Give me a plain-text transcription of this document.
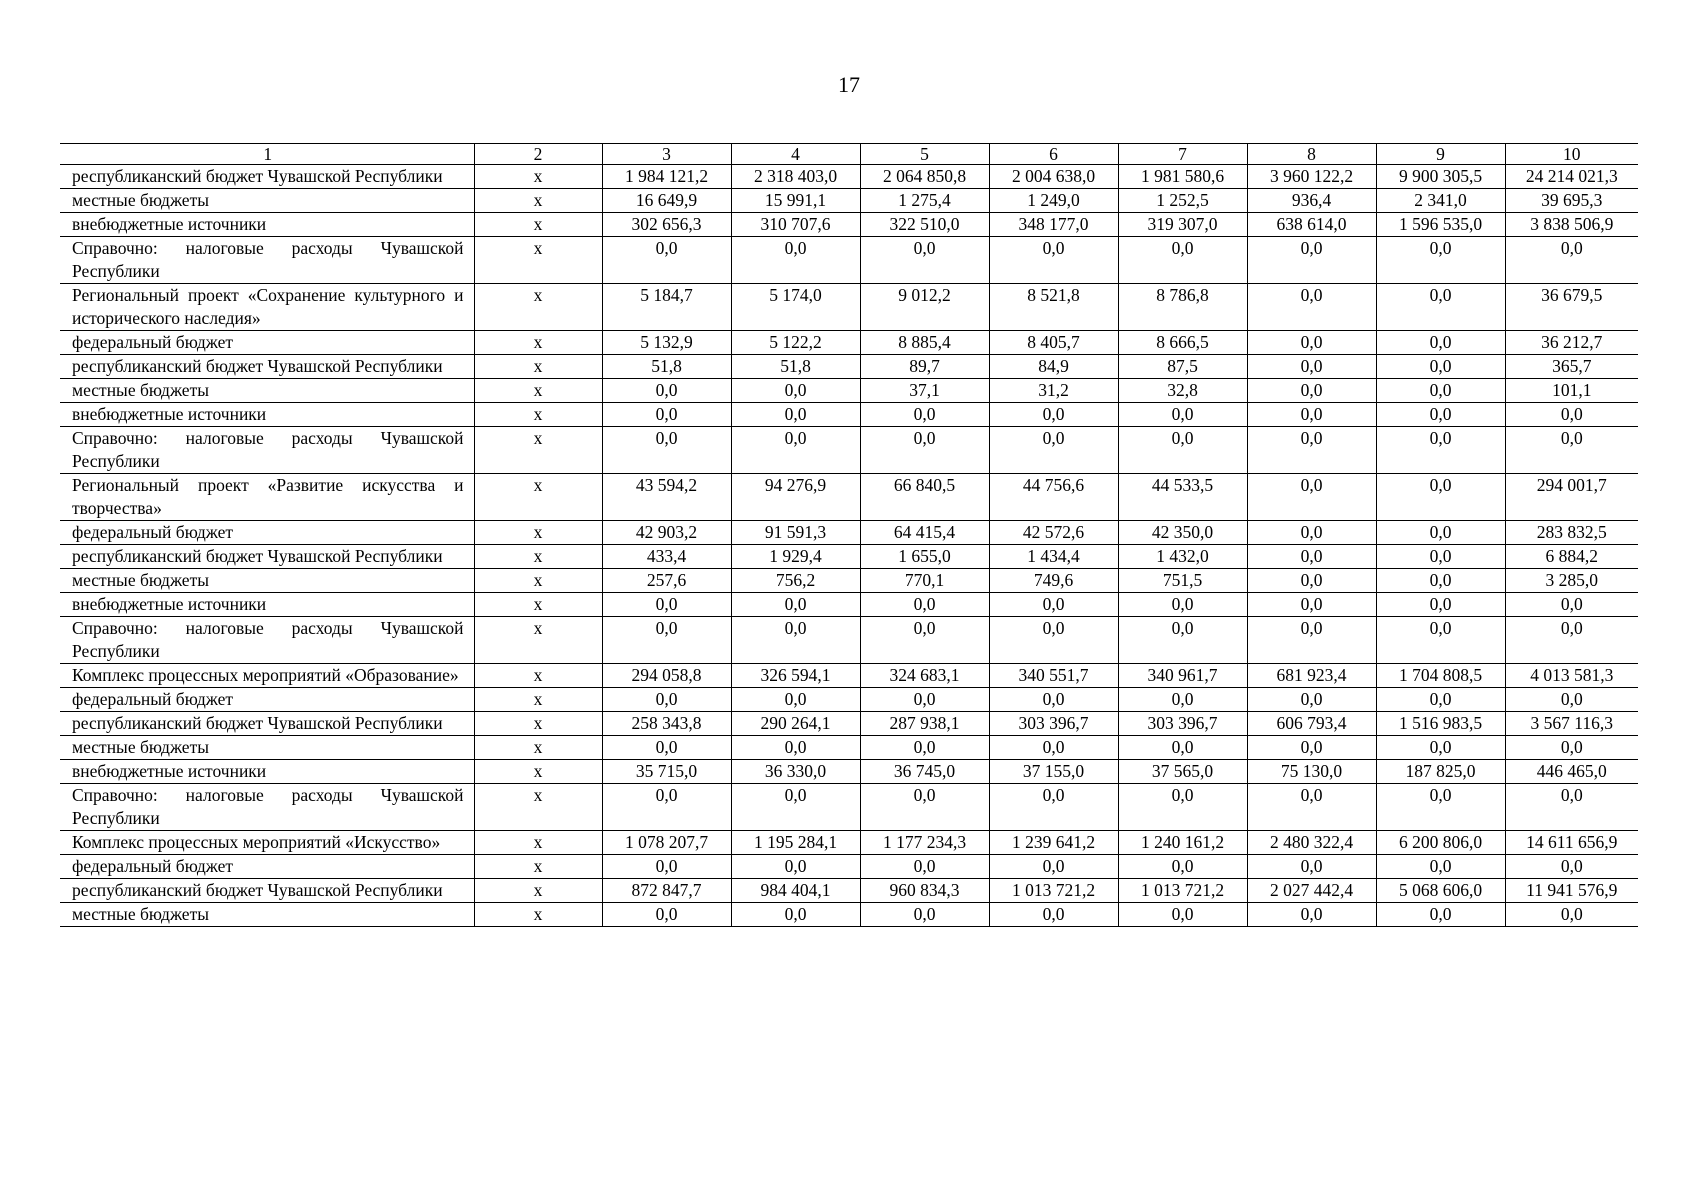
17
1	2	3	4	5	6	7	8	9	10
республиканский бюджет Чувашской Республики	x	1 984 121,2	2 318 403,0	2 064 850,8	2 004 638,0	1 981 580,6	3 960 122,2	9 900 305,5	24 214 021,3
местные бюджеты	x	16 649,9	15 991,1	1 275,4	1 249,0	1 252,5	936,4	2 341,0	39 695,3
внебюджетные источники	x	302 656,3	310 707,6	322 510,0	348 177,0	319 307,0	638 614,0	1 596 535,0	3 838 506,9
Справочно: налоговые расходы Чувашской Республики	x	0,0	0,0	0,0	0,0	0,0	0,0	0,0	0,0
Региональный проект «Сохранение культурного и исторического наследия»	x	5 184,7	5 174,0	9 012,2	8 521,8	8 786,8	0,0	0,0	36 679,5
федеральный бюджет	x	5 132,9	5 122,2	8 885,4	8 405,7	8 666,5	0,0	0,0	36 212,7
республиканский бюджет Чувашской Республики	x	51,8	51,8	89,7	84,9	87,5	0,0	0,0	365,7
местные бюджеты	x	0,0	0,0	37,1	31,2	32,8	0,0	0,0	101,1
внебюджетные источники	x	0,0	0,0	0,0	0,0	0,0	0,0	0,0	0,0
Справочно: налоговые расходы Чувашской Республики	x	0,0	0,0	0,0	0,0	0,0	0,0	0,0	0,0
Региональный проект «Развитие искусства и творчества»	x	43 594,2	94 276,9	66 840,5	44 756,6	44 533,5	0,0	0,0	294 001,7
федеральный бюджет	x	42 903,2	91 591,3	64 415,4	42 572,6	42 350,0	0,0	0,0	283 832,5
республиканский бюджет Чувашской Республики	x	433,4	1 929,4	1 655,0	1 434,4	1 432,0	0,0	0,0	6 884,2
местные бюджеты	x	257,6	756,2	770,1	749,6	751,5	0,0	0,0	3 285,0
внебюджетные источники	x	0,0	0,0	0,0	0,0	0,0	0,0	0,0	0,0
Справочно: налоговые расходы Чувашской Республики	x	0,0	0,0	0,0	0,0	0,0	0,0	0,0	0,0
Комплекс процессных мероприятий «Образование»	x	294 058,8	326 594,1	324 683,1	340 551,7	340 961,7	681 923,4	1 704 808,5	4 013 581,3
федеральный бюджет	x	0,0	0,0	0,0	0,0	0,0	0,0	0,0	0,0
республиканский бюджет Чувашской Республики	x	258 343,8	290 264,1	287 938,1	303 396,7	303 396,7	606 793,4	1 516 983,5	3 567 116,3
местные бюджеты	x	0,0	0,0	0,0	0,0	0,0	0,0	0,0	0,0
внебюджетные источники	x	35 715,0	36 330,0	36 745,0	37 155,0	37 565,0	75 130,0	187 825,0	446 465,0
Справочно: налоговые расходы Чувашской Республики	x	0,0	0,0	0,0	0,0	0,0	0,0	0,0	0,0
Комплекс процессных мероприятий «Искусство»	x	1 078 207,7	1 195 284,1	1 177 234,3	1 239 641,2	1 240 161,2	2 480 322,4	6 200 806,0	14 611 656,9
федеральный бюджет	x	0,0	0,0	0,0	0,0	0,0	0,0	0,0	0,0
республиканский бюджет Чувашской Республики	x	872 847,7	984 404,1	960 834,3	1 013 721,2	1 013 721,2	2 027 442,4	5 068 606,0	11 941 576,9
местные бюджеты	x	0,0	0,0	0,0	0,0	0,0	0,0	0,0	0,0
